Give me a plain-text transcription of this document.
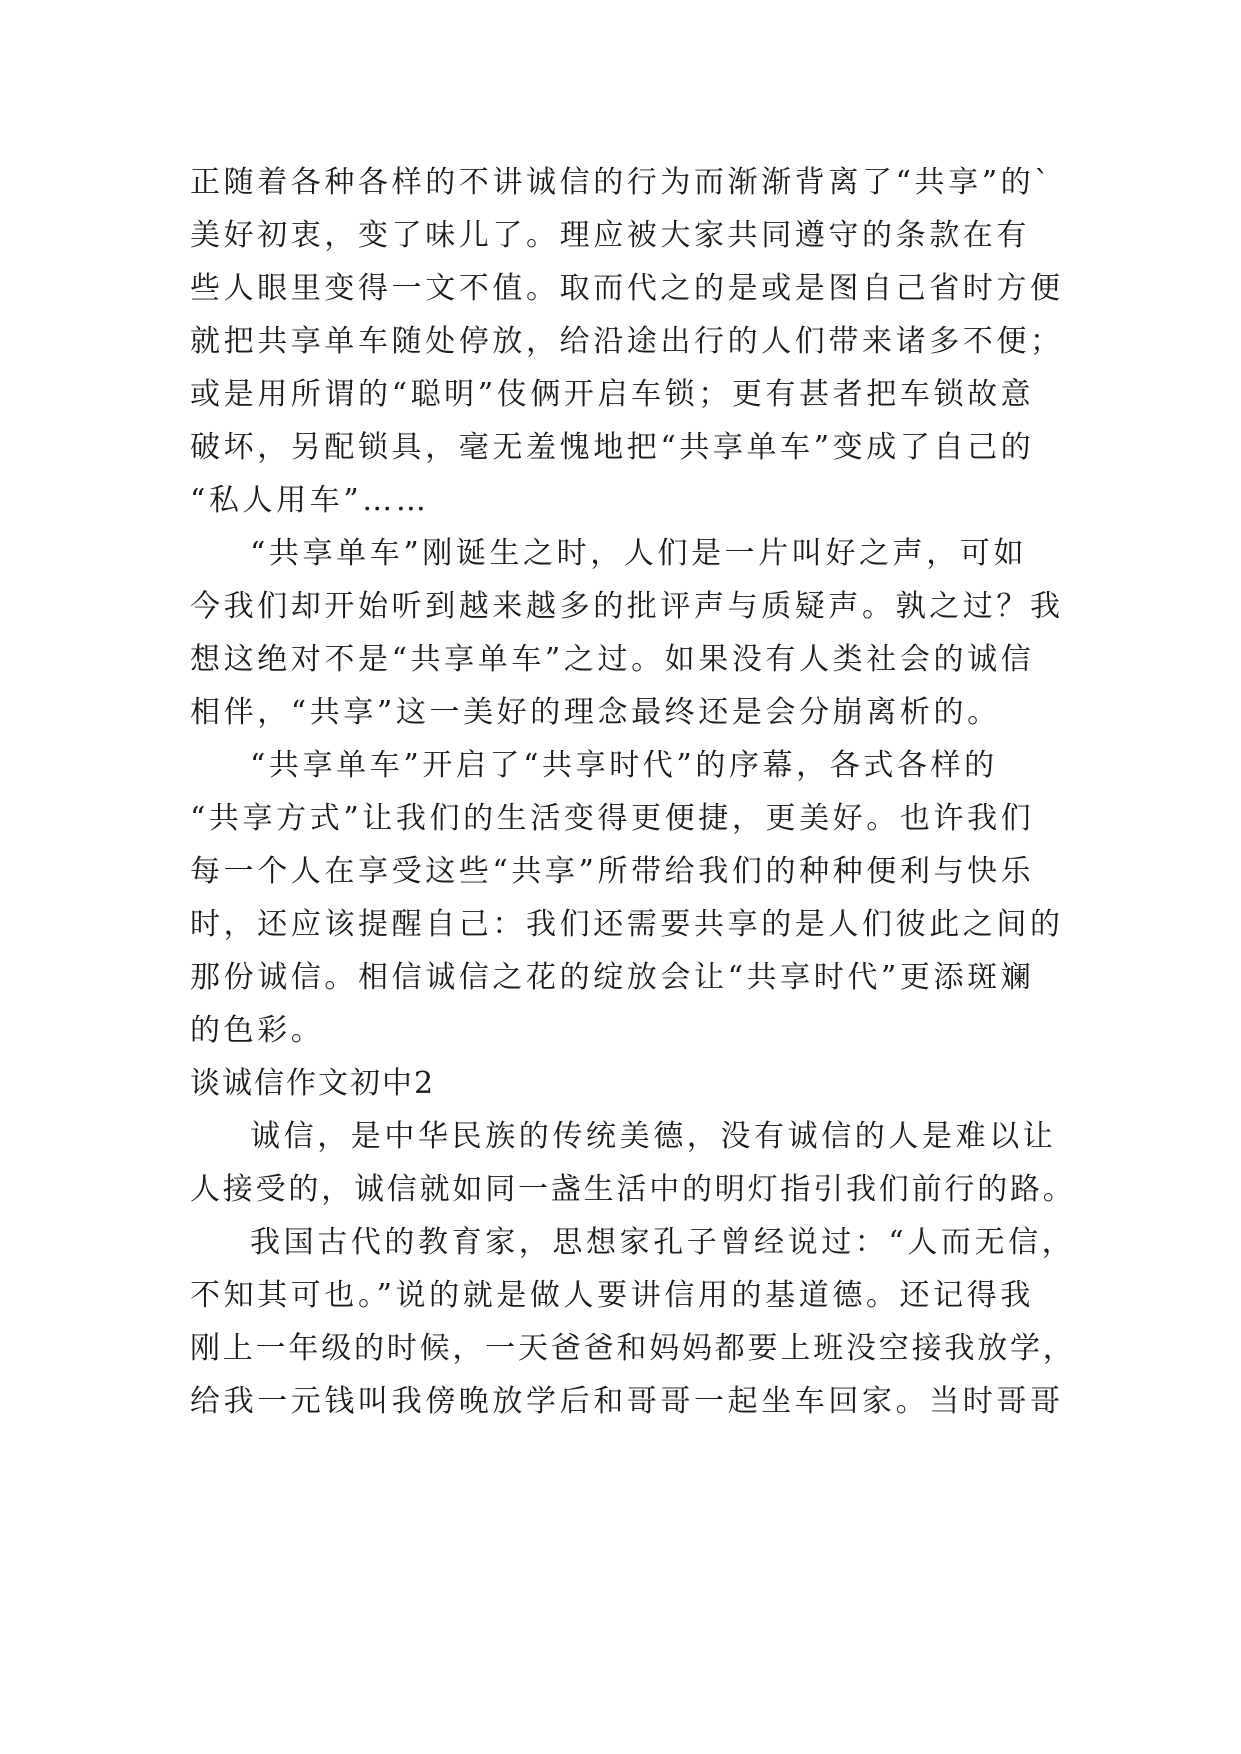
正随着各种各样的不讲诚信的行为而渐渐背离了“共享”的`
美好初衷，变了味儿了。理应被大家共同遵守的条款在有
些人眼里变得一文不值。取而代之的是或是图自己省时方便
就把共享单车随处停放，给沿途出行的人们带来诸多不便；
或是用所谓的“聪明”伎俩开启车锁；更有甚者把车锁故意
破坏，另配锁具，毫无羞愧地把“共享单车”变成了自己的
“私人用车”……
“共享单车”刚诞生之时，人们是一片叫好之声，可如
今我们却开始听到越来越多的批评声与质疑声。孰之过？我
想这绝对不是“共享单车”之过。如果没有人类社会的诚信
相伴，“共享”这一美好的理念最终还是会分崩离析的。
“共享单车”开启了“共享时代”的序幕，各式各样的
“共享方式”让我们的生活变得更便捷，更美好。也许我们
每一个人在享受这些“共享”所带给我们的种种便利与快乐
时，还应该提醒自己：我们还需要共享的是人们彼此之间的
那份诚信。相信诚信之花的绽放会让“共享时代”更添斑斓
的色彩。
谈诚信作文初中2
诚信，是中华民族的传统美德，没有诚信的人是难以让
人接受的，诚信就如同一盏生活中的明灯指引我们前行的路。
我国古代的教育家，思想家孔子曾经说过：“人而无信，
不知其可也。”说的就是做人要讲信用的基道德。还记得我
刚上一年级的时候，一天爸爸和妈妈都要上班没空接我放学，
给我一元钱叫我傍晚放学后和哥哥一起坐车回家。当时哥哥
